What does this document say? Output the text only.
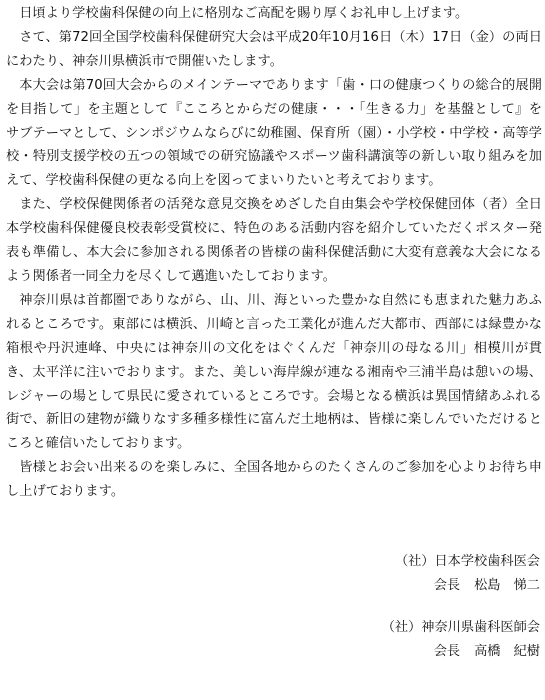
日頃より学校歯科保健の向上に格別なご高配を賜り厚くお礼申し上げます。

さて、第72回全国学校歯科保健研究大会は平成20年10月16日（木）17日（金）の両日にわたり、神奈川県横浜市で開催いたします。

本大会は第70回大会からのメインテーマであります「歯・口の健康つくりの総合的展開を目指して」を主題として『こころとからだの健康・・・「生きる力」を基盤として』をサブテーマとして、シンポジウムならびに幼稚園、保育所（園）・小学校・中学校・高等学校・特別支援学校の五つの領域での研究協議やスポーツ歯科講演等の新しい取り組みを加えて、学校歯科保健の更なる向上を図ってまいりたいと考えております。

また、学校保健関係者の活発な意見交換をめざした自由集会や学校保健団体（者）全日本学校歯科保健優良校表彰受賞校に、特色のある活動内容を紹介していただくポスター発表も準備し、本大会に参加される関係者の皆様の歯科保健活動に大変有意義な大会になるよう関係者一同全力を尽くして邁進いたしております。

神奈川県は首都圏でありながら、山、川、海といった豊かな自然にも恵まれた魅力あふれるところです。東部には横浜、川崎と言った工業化が進んだ大都市、西部には緑豊かな箱根や丹沢連峰、中央には神奈川の文化をはぐくんだ「神奈川の母なる川」相模川が貫き、太平洋に注いでおります。また、美しい海岸線が連なる湘南や三浦半島は憩いの場、レジャーの場として県民に愛されているところです。会場となる横浜は異国情緒あふれる街で、新旧の建物が織りなす多種多様性に富んだ土地柄は、皆様に楽しんでいただけるところと確信いたしております。

皆様とお会い出来るのを楽しみに、全国各地からのたくさんのご参加を心よりお待ち申し上げております。

（社）日本学校歯科医会
会長 松島　悌二
（社）神奈川県歯科医師会
会長 高橋　紀樹
